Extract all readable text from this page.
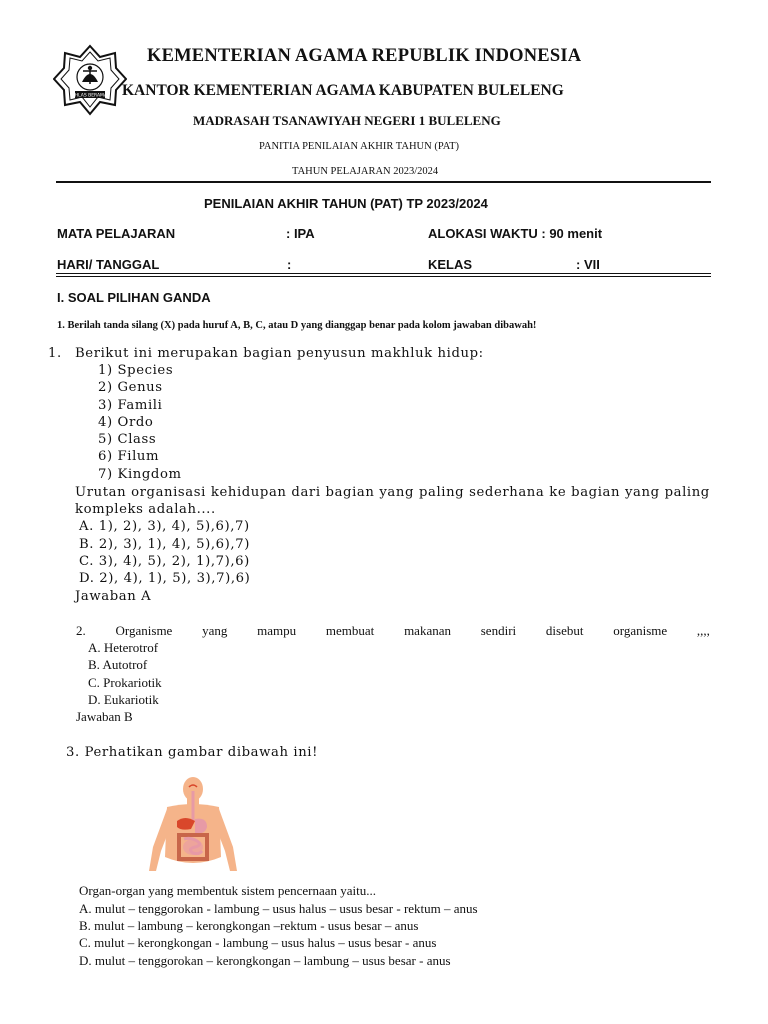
IKHLAS BERAMAL
KEMENTERIAN AGAMA REPUBLIK INDONESIA
KANTOR KEMENTERIAN AGAMA KABUPATEN BULELENG
MADRASAH TSANAWIYAH NEGERI 1 BULELENG
PANITIA PENILAIAN AKHIR TAHUN (PAT)
TAHUN PELAJARAN 2023/2024
PENILAIAN AKHIR TAHUN (PAT) TP 2023/2024
MATA PELAJARAN	: IPA	ALOKASI WAKTU : 90 menit
HARI/ TANGGAL	:	KELAS	: VII
I. SOAL PILIHAN GANDA
1. Berilah tanda silang (X) pada huruf A, B, C, atau D yang dianggap benar pada kolom jawaban dibawah!
1. Berikut ini merupakan bagian penyusun makhluk hidup:
1) Species
2) Genus
3) Famili
4) Ordo
5) Class
6) Filum
7) Kingdom
Urutan organisasi kehidupan dari bagian yang paling sederhana ke bagian yang paling
kompleks adalah....
A. 1), 2), 3), 4), 5),6),7)
B. 2), 3), 1), 4), 5),6),7)
C. 3), 4), 5), 2), 1),7),6)
D. 2), 4), 1), 5), 3),7),6)
Jawaban A
2. Organisme yang mampu membuat makanan sendiri disebut organisme ,,,,
A. Heterotrof
B. Autotrof
C. Prokariotik
D. Eukariotik
Jawaban B
3. Perhatikan gambar dibawah ini!
Organ-organ yang membentuk sistem pencernaan yaitu...
A. mulut – tenggorokan - lambung – usus halus – usus besar - rektum – anus
B. mulut – lambung – kerongkongan –rektum - usus besar – anus
C. mulut – kerongkongan - lambung – usus halus – usus besar - anus
D. mulut – tenggorokan – kerongkongan – lambung – usus besar - anus
